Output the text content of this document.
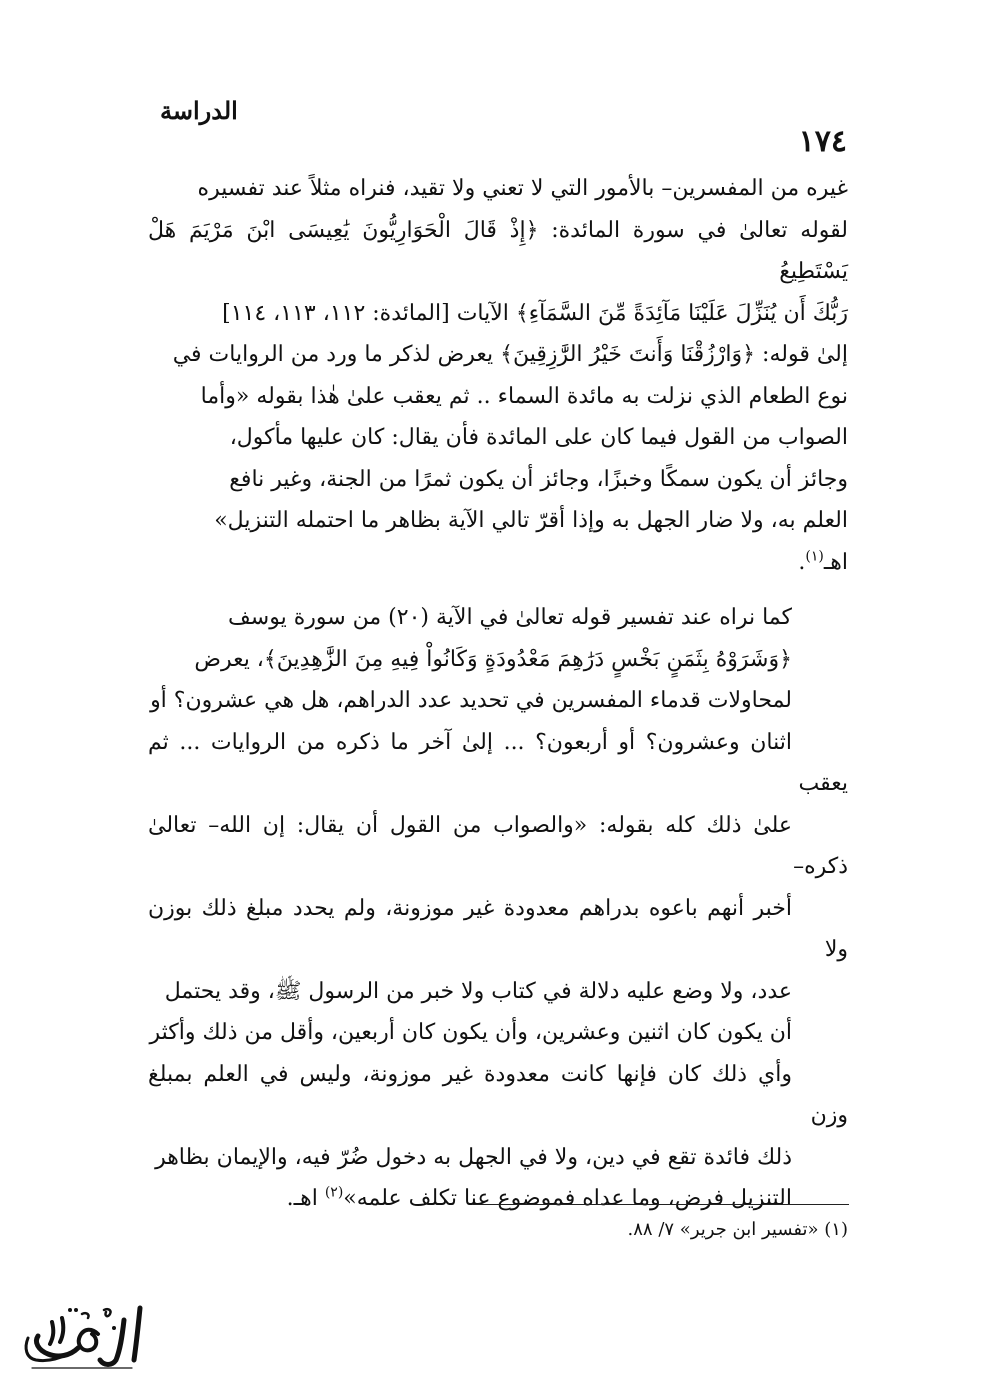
الدراسة
١٧٤

غيره من المفسرين– بالأمور التي لا تعني ولا تقيد، فنراه مثلاً عند تفسيره
لقوله تعالىٰ في سورة المائدة: ﴿إِذْ قَالَ الْحَوَارِيُّونَ يَٰعِيسَى ابْنَ مَرْيَمَ هَلْ يَسْتَطِيعُ
رَبُّكَ أَن يُنَزِّلَ عَلَيْنَا مَآئِدَةً مِّنَ السَّمَآءِ﴾ الآيات [المائدة: ١١٢، ١١٣، ١١٤]
إلىٰ قوله: ﴿وَارْزُقْنَا وَأَنتَ خَيْرُ الرَّٰزِقِينَ﴾ يعرض لذكر ما ورد من الروايات في
نوع الطعام الذي نزلت به مائدة السماء .. ثم يعقب علىٰ هٰذا بقوله «وأما
الصواب من القول فيما كان على المائدة فأن يقال: كان عليها مأكول،
وجائز أن يكون سمكًا وخبزًا، وجائز أن يكون ثمرًا من الجنة، وغير نافع
العلم به، ولا ضار الجهل به وإذا أقرّ تالي الآية بظاهر ما احتمله التنزيل»
اهـ$^{(١)}$.

كما نراه عند تفسير قوله تعالىٰ في الآية (٢٠) من سورة يوسف
﴿وَشَرَوْهُ بِثَمَنٍ بَخْسٍ دَرَٰهِمَ مَعْدُودَةٍ وَكَانُواْ فِيهِ مِنَ الزَّٰهِدِينَ﴾، يعرض
لمحاولات قدماء المفسرين في تحديد عدد الدراهم، هل هي عشرون؟ أو
اثنان وعشرون؟ أو أربعون؟ ... إلىٰ آخر ما ذكره من الروايات ... ثم يعقب
علىٰ ذلك كله بقوله: «والصواب من القول أن يقال: إن الله– تعالىٰ ذكره–
أخبر أنهم باعوه بدراهم معدودة غير موزونة، ولم يحدد مبلغ ذلك بوزن ولا
عدد، ولا وضع عليه دلالة في كتاب ولا خبر من الرسول ﷺ، وقد يحتمل
أن يكون كان اثنين وعشرين، وأن يكون كان أربعين، وأقل من ذلك وأكثر
وأي ذلك كان فإنها كانت معدودة غير موزونة، وليس في العلم بمبلغ وزن
ذلك فائدة تقع في دين، ولا في الجهل به دخول ضُرّ فيه، والإيمان بظاهر
التنزيل فرض، وما عداه فموضوع عنا تكلف علمه»$^{(٢)}$ اهـ.

(١) «تفسير ابن جرير» ٧/ ٨٨.
